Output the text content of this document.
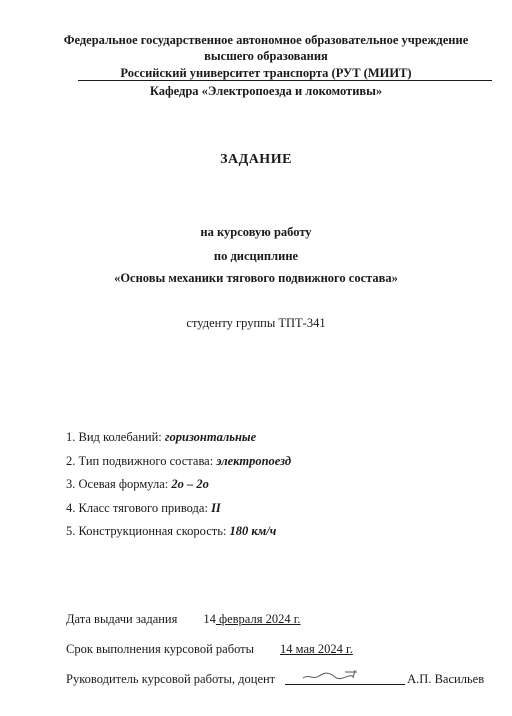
Федеральное государственное автономное образовательное учреждение
высшего образования
Российский университет транспорта (РУТ (МИИТ)
Кафедра «Электропоезда и локомотивы»
ЗАДАНИЕ
на курсовую работу
по дисциплине
«Основы механики тягового подвижного состава»
студенту группы ТПТ-341
1. Вид колебаний: горизонтальные
2. Тип подвижного состава: электропоезд
3. Осевая формула: 2о – 2о
4. Класс тягового привода: II
5. Конструкционная скорость: 180 км/ч
Дата выдачи задания 14 февраля 2024 г.
Срок выполнения курсовой работы 14 мая 2024 г.
Руководитель курсовой работы, доцент	А.П. Васильев
